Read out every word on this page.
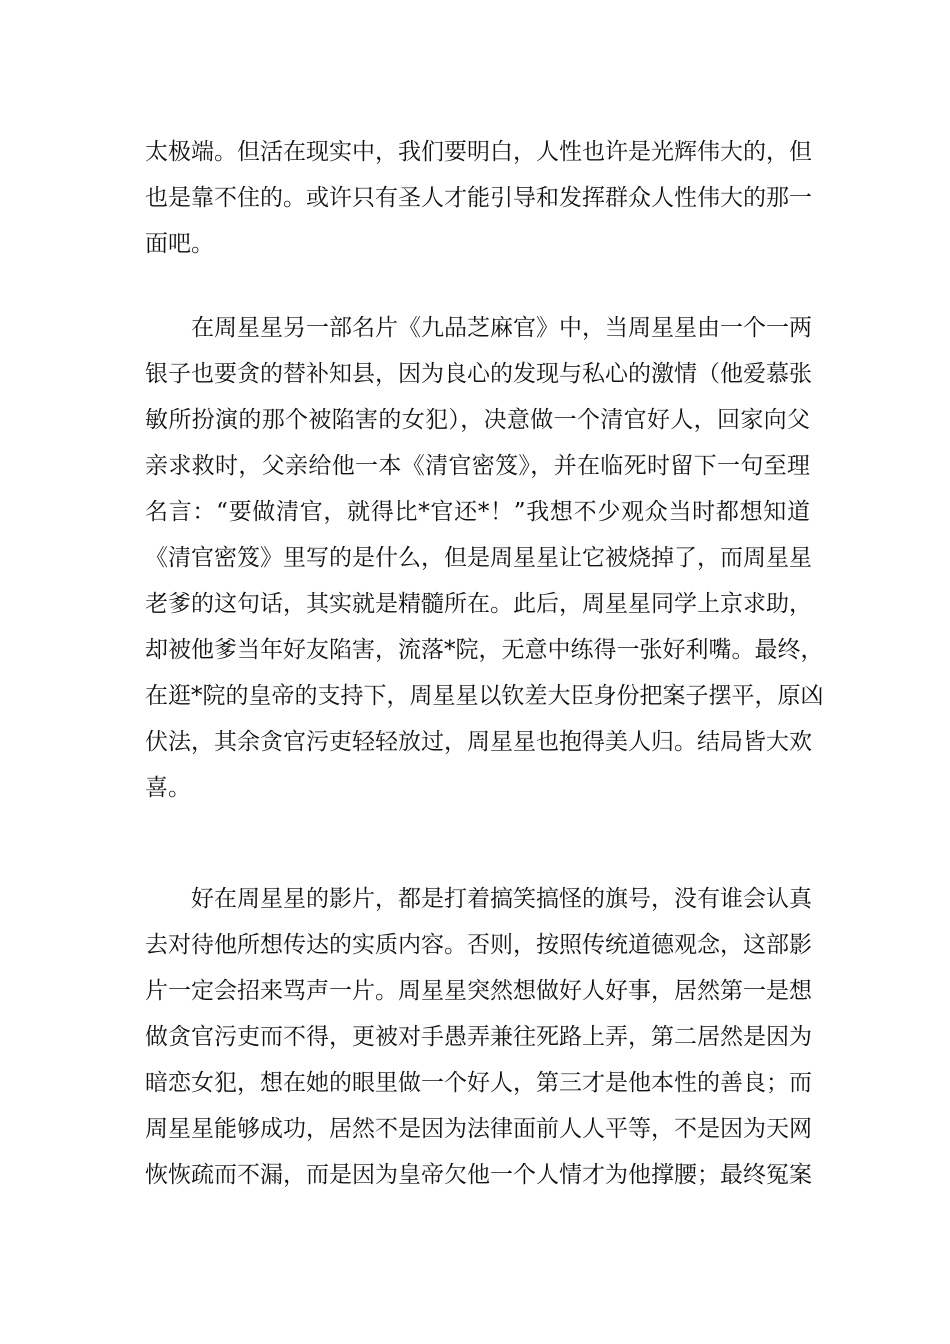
太极端。但活在现实中，我们要明白，人性也许是光辉伟大的，但
也是靠不住的。或许只有圣人才能引导和发挥群众人性伟大的那一
面吧。
在周星星另一部名片《九品芝麻官》中，当周星星由一个一两
银子也要贪的替补知县，因为良心的发现与私心的激情（他爱慕张
敏所扮演的那个被陷害的女犯），决意做一个清官好人，回家向父
亲求救时，父亲给他一本《清官密笈》，并在临死时留下一句至理
名言：“要做清官，就得比*官还*！”我想不少观众当时都想知道
《清官密笈》里写的是什么，但是周星星让它被烧掉了，而周星星
老爹的这句话，其实就是精髓所在。此后，周星星同学上京求助，
却被他爹当年好友陷害，流落*院，无意中练得一张好利嘴。最终，
在逛*院的皇帝的支持下，周星星以钦差大臣身份把案子摆平，原凶
伏法，其余贪官污吏轻轻放过，周星星也抱得美人归。结局皆大欢
喜。
好在周星星的影片，都是打着搞笑搞怪的旗号，没有谁会认真
去对待他所想传达的实质内容。否则，按照传统道德观念，这部影
片一定会招来骂声一片。周星星突然想做好人好事，居然第一是想
做贪官污吏而不得，更被对手愚弄兼往死路上弄，第二居然是因为
暗恋女犯，想在她的眼里做一个好人，第三才是他本性的善良；而
周星星能够成功，居然不是因为法律面前人人平等，不是因为天网
恢恢疏而不漏，而是因为皇帝欠他一个人情才为他撑腰；最终冤案
